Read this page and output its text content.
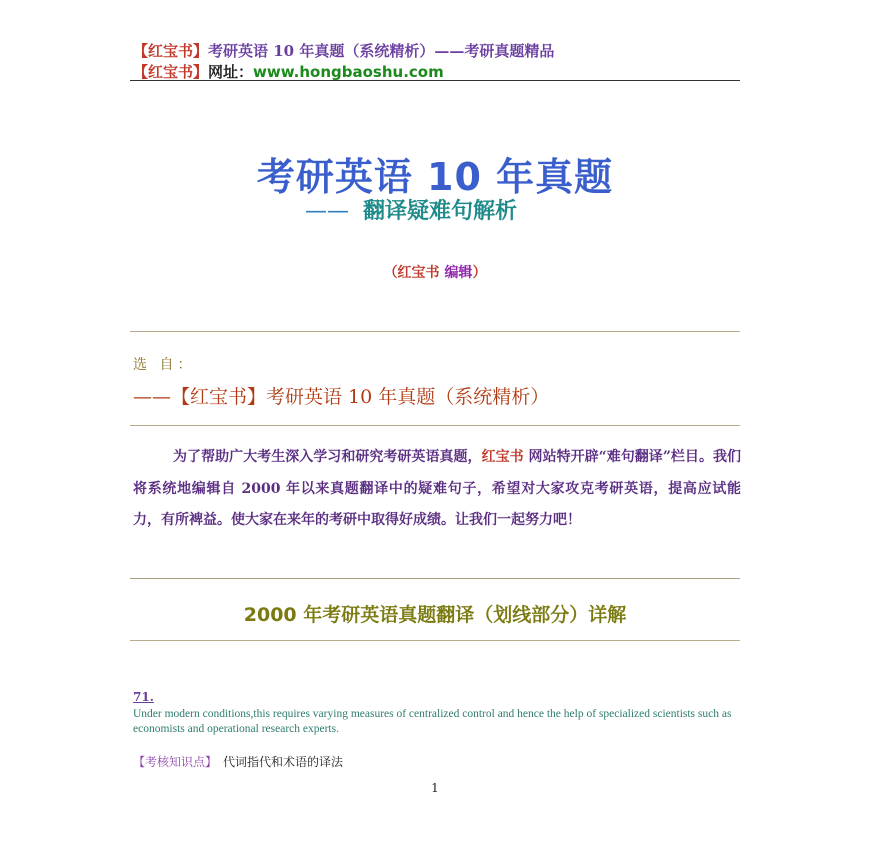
【红宝书】考研英语 10 年真题（系统精析）——考研真题精品
【红宝书】网址：www.hongbaoshu.com
考研英语 10 年真题
—— 翻译疑难句解析
（红宝书 编辑）
选 自：
——【红宝书】考研英语 10 年真题（系统精析）
为了帮助广大考生深入学习和研究考研英语真题，红宝书 网站特开辟“难句翻译”栏目。我们将系统地编辑自 2000 年以来真题翻译中的疑难句子，希望对大家攻克考研英语，提高应试能力，有所裨益。使大家在来年的考研中取得好成绩。让我们一起努力吧！
2000 年考研英语真题翻译（划线部分）详解
71.
Under modern conditions,this requires varying measures of centralized control and hence the help of specialized scientists such as economists and operational research experts.
【考核知识点】 代词指代和术语的译法
1
